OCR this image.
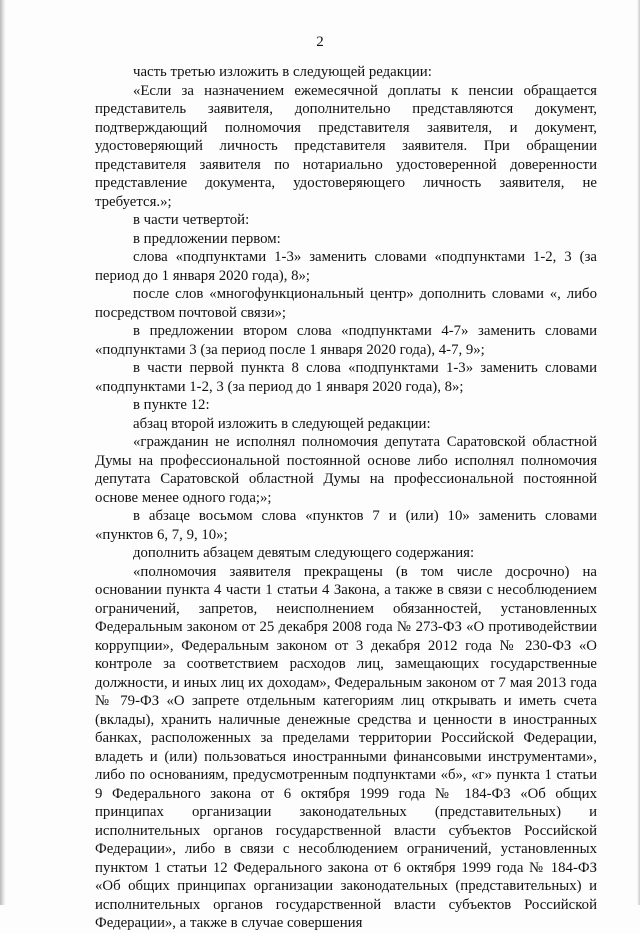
2

часть третью изложить в следующей редакции:

«Если за назначением ежемесячной доплаты к пенсии обращается представитель заявителя, дополнительно представляются документ, подтверждающий полномочия представителя заявителя, и документ, удостоверяющий личность представителя заявителя. При обращении представителя заявителя по нотариально удостоверенной доверенности представление документа, удостоверяющего личность заявителя, не требуется.»;

в части четвертой:

в предложении первом:

слова «подпунктами 1-3» заменить словами «подпунктами 1-2, 3 (за период до 1 января 2020 года), 8»;

после слов «многофункциональный центр» дополнить словами «, либо посредством почтовой связи»;

в предложении втором слова «подпунктами 4-7» заменить словами «подпунктами 3 (за период после 1 января 2020 года), 4-7, 9»;

в части первой пункта 8 слова «подпунктами 1-3» заменить словами «подпунктами 1-2, 3 (за период до 1 января 2020 года), 8»;

в пункте 12:

абзац второй изложить в следующей редакции:

«гражданин не исполнял полномочия депутата Саратовской областной Думы на профессиональной постоянной основе либо исполнял полномочия депутата Саратовской областной Думы на профессиональной постоянной основе менее одного года;»;

в абзаце восьмом слова «пунктов 7 и (или) 10» заменить словами «пунктов 6, 7, 9, 10»;

дополнить абзацем девятым следующего содержания:

«полномочия заявителя прекращены (в том числе досрочно) на основании пункта 4 части 1 статьи 4 Закона, а также в связи с несоблюдением ограничений, запретов, неисполнением обязанностей, установленных Федеральным законом от 25 декабря 2008 года № 273-ФЗ «О противодействии коррупции», Федеральным законом от 3 декабря 2012 года № 230-ФЗ «О контроле за соответствием расходов лиц, замещающих государственные должности, и иных лиц их доходам», Федеральным законом от 7 мая 2013 года № 79-ФЗ «О запрете отдельным категориям лиц открывать и иметь счета (вклады), хранить наличные денежные средства и ценности в иностранных банках, расположенных за пределами территории Российской Федерации, владеть и (или) пользоваться иностранными финансовыми инструментами», либо по основаниям, предусмотренным подпунктами «б», «г» пункта 1 статьи 9 Федерального закона от 6 октября 1999 года № 184-ФЗ «Об общих принципах организации законодательных (представительных) и исполнительных органов государственной власти субъектов Российской Федерации», либо в связи с несоблюдением ограничений, установленных пунктом 1 статьи 12 Федерального закона от 6 октября 1999 года № 184-ФЗ «Об общих принципах организации законодательных (представительных) и исполнительных органов государственной власти субъектов Российской Федерации», а также в случае совершения
